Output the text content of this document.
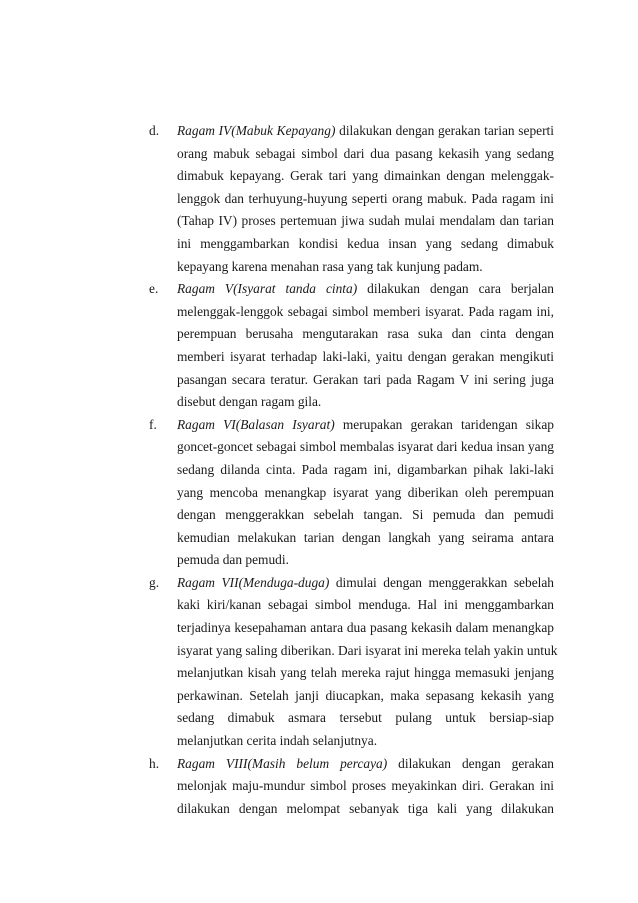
d.	Ragam IV(Mabuk Kepayang) dilakukan dengan gerakan tarian seperti
orang mabuk sebagai simbol dari dua pasang kekasih yang sedang
dimabuk kepayang. Gerak tari yang dimainkan dengan melenggak-
lenggok dan terhuyung-huyung seperti orang mabuk. Pada ragam ini
(Tahap IV) proses pertemuan jiwa sudah mulai mendalam dan tarian
ini menggambarkan kondisi kedua insan yang sedang dimabuk
kepayang karena menahan rasa yang tak kunjung padam.
e.	Ragam V(Isyarat tanda cinta) dilakukan dengan cara berjalan
melenggak-lenggok sebagai simbol memberi isyarat. Pada ragam ini,
perempuan berusaha mengutarakan rasa suka dan cinta dengan
memberi isyarat terhadap laki-laki, yaitu dengan gerakan mengikuti
pasangan secara teratur. Gerakan tari pada Ragam V ini sering juga
disebut dengan ragam gila.
f.	Ragam VI(Balasan Isyarat) merupakan gerakan taridengan sikap
goncet-goncet sebagai simbol membalas isyarat dari kedua insan yang
sedang dilanda cinta. Pada ragam ini, digambarkan pihak laki-laki
yang mencoba menangkap isyarat yang diberikan oleh perempuan
dengan menggerakkan sebelah tangan. Si pemuda dan pemudi
kemudian melakukan tarian dengan langkah yang seirama antara
pemuda dan pemudi.
g.	Ragam VII(Menduga-duga) dimulai dengan menggerakkan sebelah
kaki kiri/kanan sebagai simbol menduga. Hal ini menggambarkan
terjadinya kesepahaman antara dua pasang kekasih dalam menangkap
isyarat yang saling diberikan. Dari isyarat ini mereka telah yakin untuk
melanjutkan kisah yang telah mereka rajut hingga memasuki jenjang
perkawinan. Setelah janji diucapkan, maka sepasang kekasih yang
sedang dimabuk asmara tersebut pulang untuk bersiap-siap
melanjutkan cerita indah selanjutnya.
h.	Ragam VIII(Masih belum percaya) dilakukan dengan gerakan
melonjak maju-mundur simbol proses meyakinkan diri. Gerakan ini
dilakukan dengan melompat sebanyak tiga kali yang dilakukan
